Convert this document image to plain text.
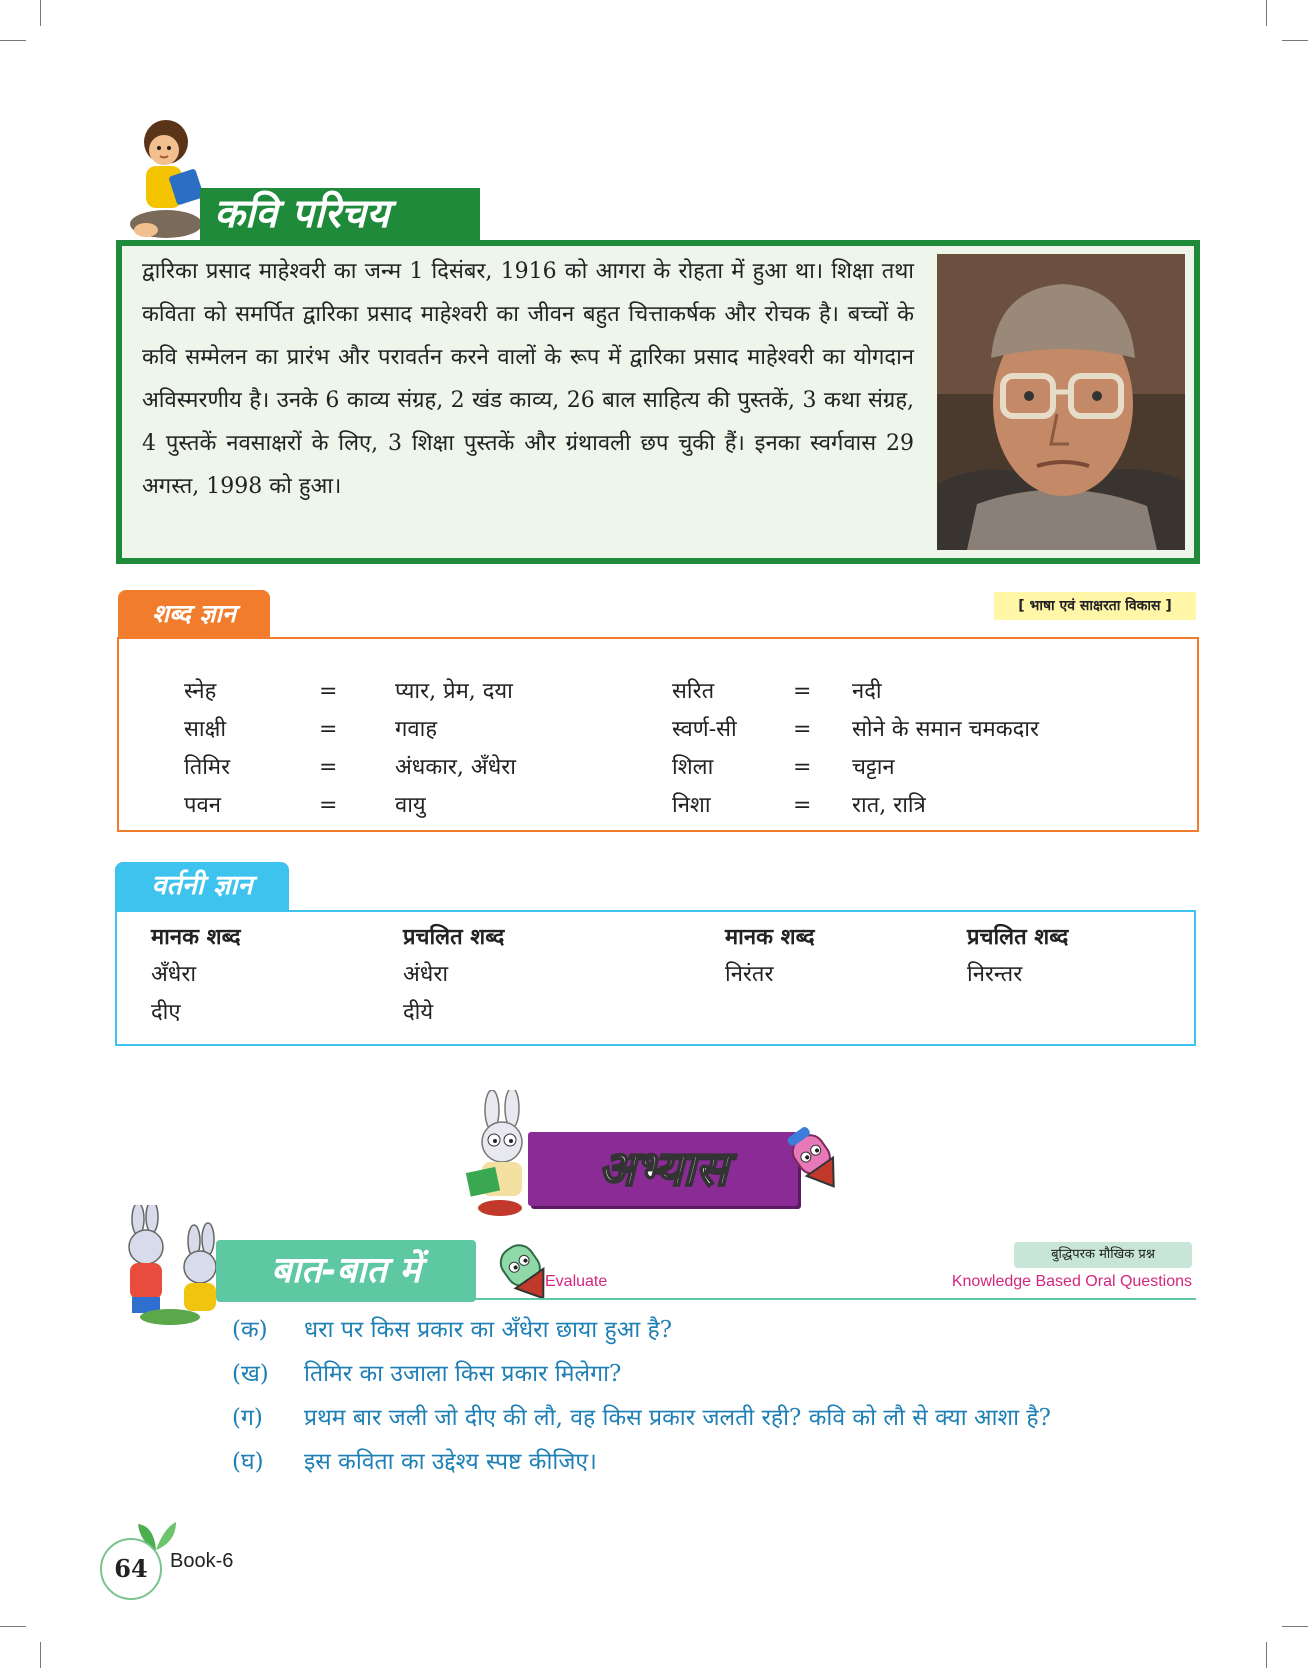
कवि परिचय
द्वारिका प्रसाद माहेश्वरी का जन्म 1 दिसंबर, 1916 को आगरा के रोहता में हुआ था। शिक्षा तथा कविता को समर्पित द्वारिका प्रसाद माहेश्वरी का जीवन बहुत चित्ताकर्षक और रोचक है। बच्चों के कवि सम्मेलन का प्रारंभ और परावर्तन करने वालों के रूप में द्वारिका प्रसाद माहेश्वरी का योगदान अविस्मरणीय है। उनके 6 काव्य संग्रह, 2 खंड काव्य, 26 बाल साहित्य की पुस्तकें, 3 कथा संग्रह, 4 पुस्तकें नवसाक्षरों के लिए, 3 शिक्षा पुस्तकें और ग्रंथावली छप चुकी हैं। इनका स्वर्गवास 29 अगस्त, 1998 को हुआ।
शब्द ज्ञान	[ भाषा एवं साक्षरता विकास ]
स्नेह	=	प्यार, प्रेम, दया	सरित	= नदी
साक्षी	=	गवाह	स्वर्ण-सी	= सोने के समान चमकदार
तिमिर	=	अंधकार, अँधेरा	शिला	= चट्टान
पवन	=	वायु	निशा	= रात, रात्रि
वर्तनी ज्ञान
मानक शब्द	प्रचलित शब्द	मानक शब्द	प्रचलित शब्द
अँधेरा	अंधेरा	निरंतर	निरन्तर
दीए	दीये
अभ्यास
बात-बात में	Evaluate
बुद्धिपरक मौखिक प्रश्न
Knowledge Based Oral Questions
(क) धरा पर किस प्रकार का अँधेरा छाया हुआ है?
(ख) तिमिर का उजाला किस प्रकार मिलेगा?
(ग) प्रथम बार जली जो दीए की लौ, वह किस प्रकार जलती रही? कवि को लौ से क्या आशा है?
(घ) इस कविता का उद्देश्य स्पष्ट कीजिए।
64	Book-6
